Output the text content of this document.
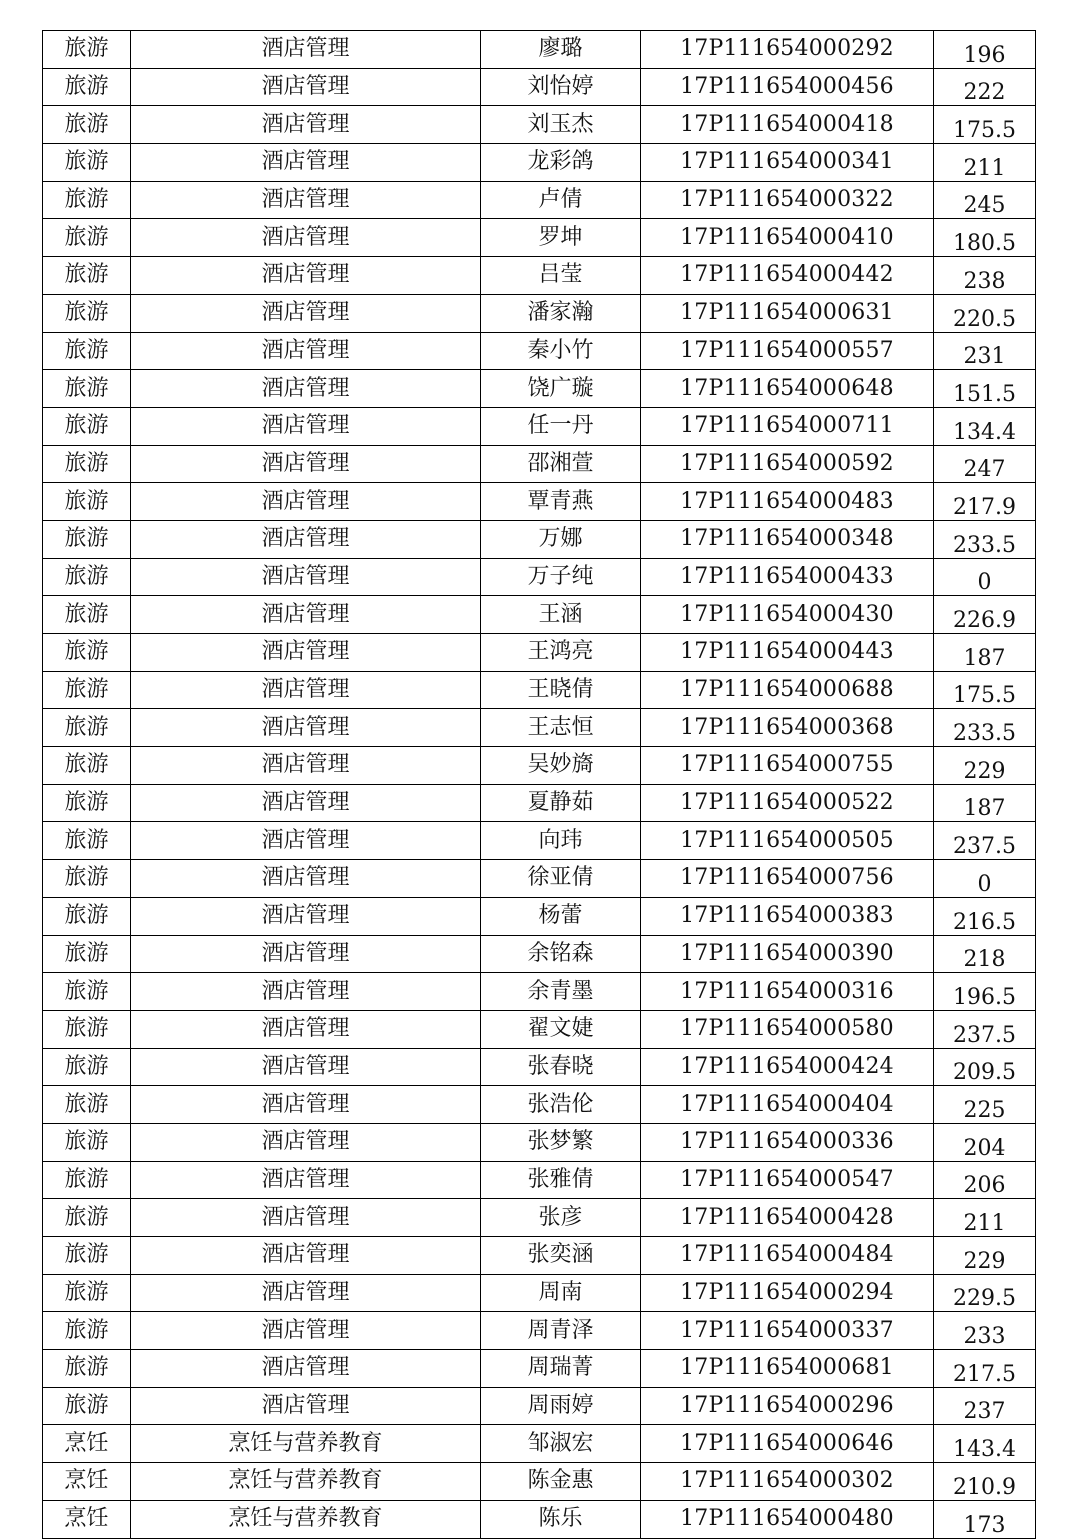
旅游	酒店管理	廖璐	17P111654000292	196
旅游	酒店管理	刘怡婷	17P111654000456	222
旅游	酒店管理	刘玉杰	17P111654000418	175.5
旅游	酒店管理	龙彩鸽	17P111654000341	211
旅游	酒店管理	卢倩	17P111654000322	245
旅游	酒店管理	罗坤	17P111654000410	180.5
旅游	酒店管理	吕莹	17P111654000442	238
旅游	酒店管理	潘家瀚	17P111654000631	220.5
旅游	酒店管理	秦小竹	17P111654000557	231
旅游	酒店管理	饶广璇	17P111654000648	151.5
旅游	酒店管理	任一丹	17P111654000711	134.4
旅游	酒店管理	邵湘萱	17P111654000592	247
旅游	酒店管理	覃青燕	17P111654000483	217.9
旅游	酒店管理	万娜	17P111654000348	233.5
旅游	酒店管理	万子纯	17P111654000433	0
旅游	酒店管理	王涵	17P111654000430	226.9
旅游	酒店管理	王鸿亮	17P111654000443	187
旅游	酒店管理	王晓倩	17P111654000688	175.5
旅游	酒店管理	王志恒	17P111654000368	233.5
旅游	酒店管理	吴妙旖	17P111654000755	229
旅游	酒店管理	夏静茹	17P111654000522	187
旅游	酒店管理	向玮	17P111654000505	237.5
旅游	酒店管理	徐亚倩	17P111654000756	0
旅游	酒店管理	杨蕾	17P111654000383	216.5
旅游	酒店管理	余铭森	17P111654000390	218
旅游	酒店管理	余青墨	17P111654000316	196.5
旅游	酒店管理	翟文婕	17P111654000580	237.5
旅游	酒店管理	张春晓	17P111654000424	209.5
旅游	酒店管理	张浩伦	17P111654000404	225
旅游	酒店管理	张梦繁	17P111654000336	204
旅游	酒店管理	张雅倩	17P111654000547	206
旅游	酒店管理	张彦	17P111654000428	211
旅游	酒店管理	张奕涵	17P111654000484	229
旅游	酒店管理	周南	17P111654000294	229.5
旅游	酒店管理	周青泽	17P111654000337	233
旅游	酒店管理	周瑞菁	17P111654000681	217.5
旅游	酒店管理	周雨婷	17P111654000296	237
烹饪	烹饪与营养教育	邹淑宏	17P111654000646	143.4
烹饪	烹饪与营养教育	陈金惠	17P111654000302	210.9
烹饪	烹饪与营养教育	陈乐	17P111654000480	173
